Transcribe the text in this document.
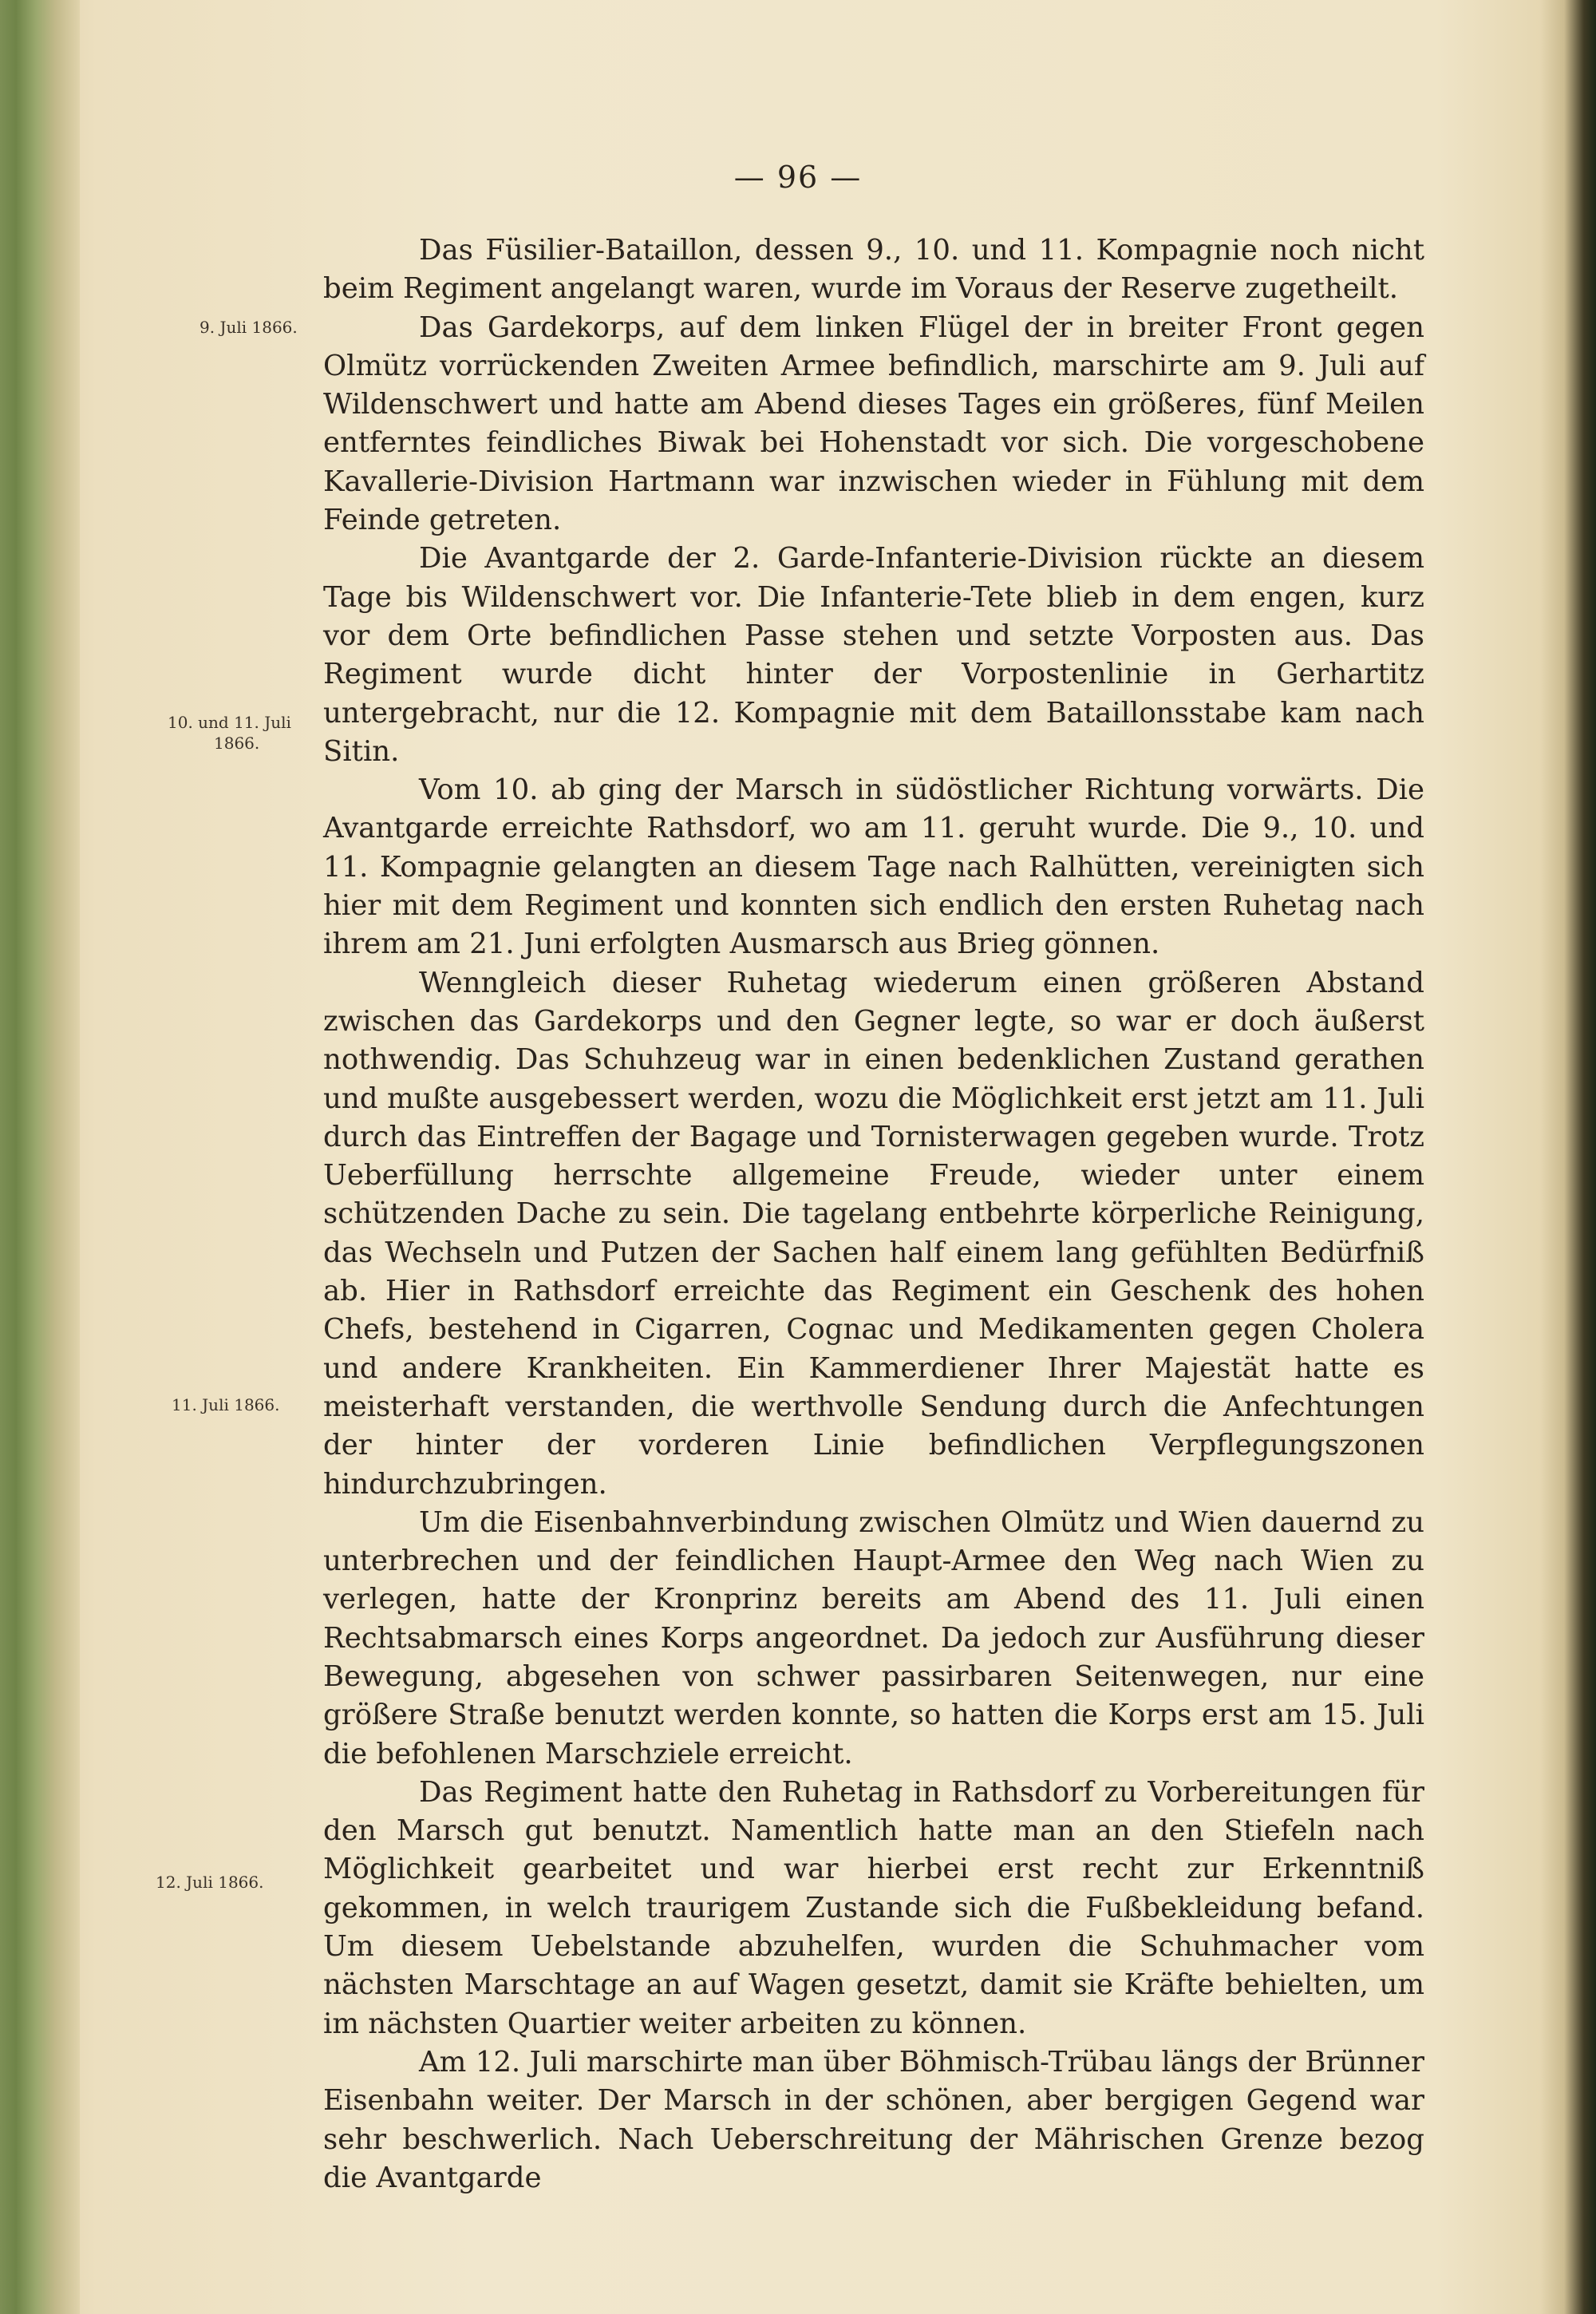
— 96 —
9. Juli 1866.
10. und 11. Juli
1866.
11. Juli 1866.
12. Juli 1866.

Das Füsilier-Bataillon, dessen 9., 10. und 11. Kompagnie noch nicht beim Regiment angelangt waren, wurde im Voraus der Reserve zugetheilt.

Das Gardekorps, auf dem linken Flügel der in breiter Front gegen Olmütz vorrückenden Zweiten Armee befindlich, marschirte am 9. Juli auf Wildenschwert und hatte am Abend dieses Tages ein größeres, fünf Meilen entferntes feindliches Biwak bei Hohenstadt vor sich. Die vorgeschobene Kavallerie-Division Hartmann war inzwischen wieder in Fühlung mit dem Feinde getreten.

Die Avantgarde der 2. Garde-Infanterie-Division rückte an diesem Tage bis Wildenschwert vor. Die Infanterie-Tete blieb in dem engen, kurz vor dem Orte befindlichen Passe stehen und setzte Vorposten aus. Das Regiment wurde dicht hinter der Vorpostenlinie in Gerhartitz untergebracht, nur die 12. Kompagnie mit dem Bataillonsstabe kam nach Sitin.

Vom 10. ab ging der Marsch in südöstlicher Richtung vorwärts. Die Avantgarde erreichte Rathsdorf, wo am 11. geruht wurde. Die 9., 10. und 11. Kompagnie gelangten an diesem Tage nach Ralhütten, vereinigten sich hier mit dem Regiment und konnten sich endlich den ersten Ruhetag nach ihrem am 21. Juni erfolgten Ausmarsch aus Brieg gönnen.

Wenngleich dieser Ruhetag wiederum einen größeren Abstand zwischen das Gardekorps und den Gegner legte, so war er doch äußerst nothwendig. Das Schuhzeug war in einen bedenklichen Zustand gerathen und mußte ausgebessert werden, wozu die Möglichkeit erst jetzt am 11. Juli durch das Eintreffen der Bagage und Tornisterwagen gegeben wurde. Trotz Ueberfüllung herrschte allgemeine Freude, wieder unter einem schützenden Dache zu sein. Die tagelang entbehrte körperliche Reinigung, das Wechseln und Putzen der Sachen half einem lang gefühlten Bedürfniß ab. Hier in Rathsdorf erreichte das Regiment ein Geschenk des hohen Chefs, bestehend in Cigarren, Cognac und Medikamenten gegen Cholera und andere Krankheiten. Ein Kammerdiener Ihrer Majestät hatte es meisterhaft verstanden, die werthvolle Sendung durch die Anfechtungen der hinter der vorderen Linie befindlichen Verpflegungszonen hindurchzubringen.

Um die Eisenbahnverbindung zwischen Olmütz und Wien dauernd zu unterbrechen und der feindlichen Haupt-Armee den Weg nach Wien zu verlegen, hatte der Kronprinz bereits am Abend des 11. Juli einen Rechtsabmarsch eines Korps angeordnet. Da jedoch zur Ausführung dieser Bewegung, abgesehen von schwer passirbaren Seitenwegen, nur eine größere Straße benutzt werden konnte, so hatten die Korps erst am 15. Juli die befohlenen Marschziele erreicht.

Das Regiment hatte den Ruhetag in Rathsdorf zu Vorbereitungen für den Marsch gut benutzt. Namentlich hatte man an den Stiefeln nach Möglichkeit gearbeitet und war hierbei erst recht zur Erkenntniß gekommen, in welch traurigem Zustande sich die Fußbekleidung befand. Um diesem Uebelstande abzuhelfen, wurden die Schuhmacher vom nächsten Marschtage an auf Wagen gesetzt, damit sie Kräfte behielten, um im nächsten Quartier weiter arbeiten zu können.

Am 12. Juli marschirte man über Böhmisch-Trübau längs der Brünner Eisenbahn weiter. Der Marsch in der schönen, aber bergigen Gegend war sehr beschwerlich. Nach Ueberschreitung der Mährischen Grenze bezog die Avantgarde
